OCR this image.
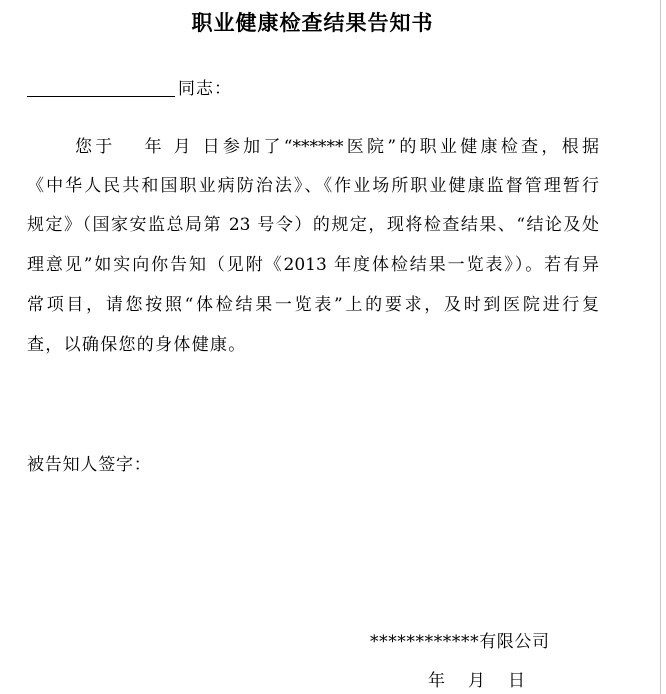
职业健康检查结果告知书
同志：
您于　 年 月 日参加了“******医院”的职业健康检查，根据
《中华人民共和国职业病防治法》、《作业场所职业健康监督管理暂行
规定》（国家安监总局第 23 号令）的规定，现将检查结果、“结论及处
理意见”如实向你告知（见附《2013 年度体检结果一览表》）。若有异
常项目，请您按照“体检结果一览表”上的要求，及时到医院进行复
查，以确保您的身体健康。
被告知人签字：
************有限公司
年　月　日
